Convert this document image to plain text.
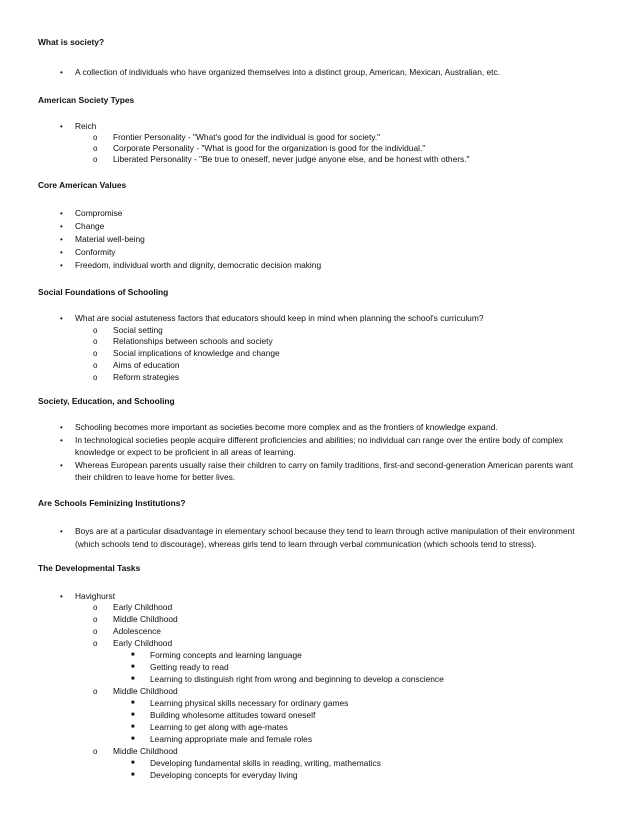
What is society?
• A collection of individuals who have organized themselves into a distinct group, American, Mexican, Australian, etc.
American Society Types
• Reich
o Frontier Personality - "What's good for the individual is good for society."
o Corporate Personality - "What is good for the organization is good for the individual."
o Liberated Personality - "Be true to oneself, never judge anyone else, and be honest with others."
Core American Values
• Compromise
• Change
• Material well-being
• Conformity
• Freedom, individual worth and dignity, democratic decision making
Social Foundations of Schooling
• What are social astuteness factors that educators should keep in mind when planning the school's curriculum?
o Social setting
o Relationships between schools and society
o Social implications of knowledge and change
o Aims of education
o Reform strategies
Society, Education, and Schooling
• Schooling becomes more important as societies become more complex and as the frontiers of knowledge expand.
• In technological societies people acquire different proficiencies and abilities; no individual can range over the entire body of complex
knowledge or expect to be proficient in all areas of learning.
• Whereas European parents usually raise their children to carry on family traditions, first-and second-generation American parents want
their children to leave home for better lives.
Are Schools Feminizing Institutions?
• Boys are at a particular disadvantage in elementary school because they tend to learn through active manipulation of their environment
(which schools tend to discourage), whereas girls tend to learn through verbal communication (which schools tend to stress).
The Developmental Tasks
• Havighurst
o Early Childhood
o Middle Childhood
o Adolescence
o Early Childhood
■ Forming concepts and learning language
■ Getting ready to read
■ Learning to distinguish right from wrong and beginning to develop a conscience
o Middle Childhood
■ Learning physical skills necessary for ordinary games
■ Building wholesome attitudes toward oneself
■ Learning to get along with age-mates
■ Learning appropriate male and female roles
o Middle Childhood
■ Developing fundamental skills in reading, writing, mathematics
■ Developing concepts for everyday living
